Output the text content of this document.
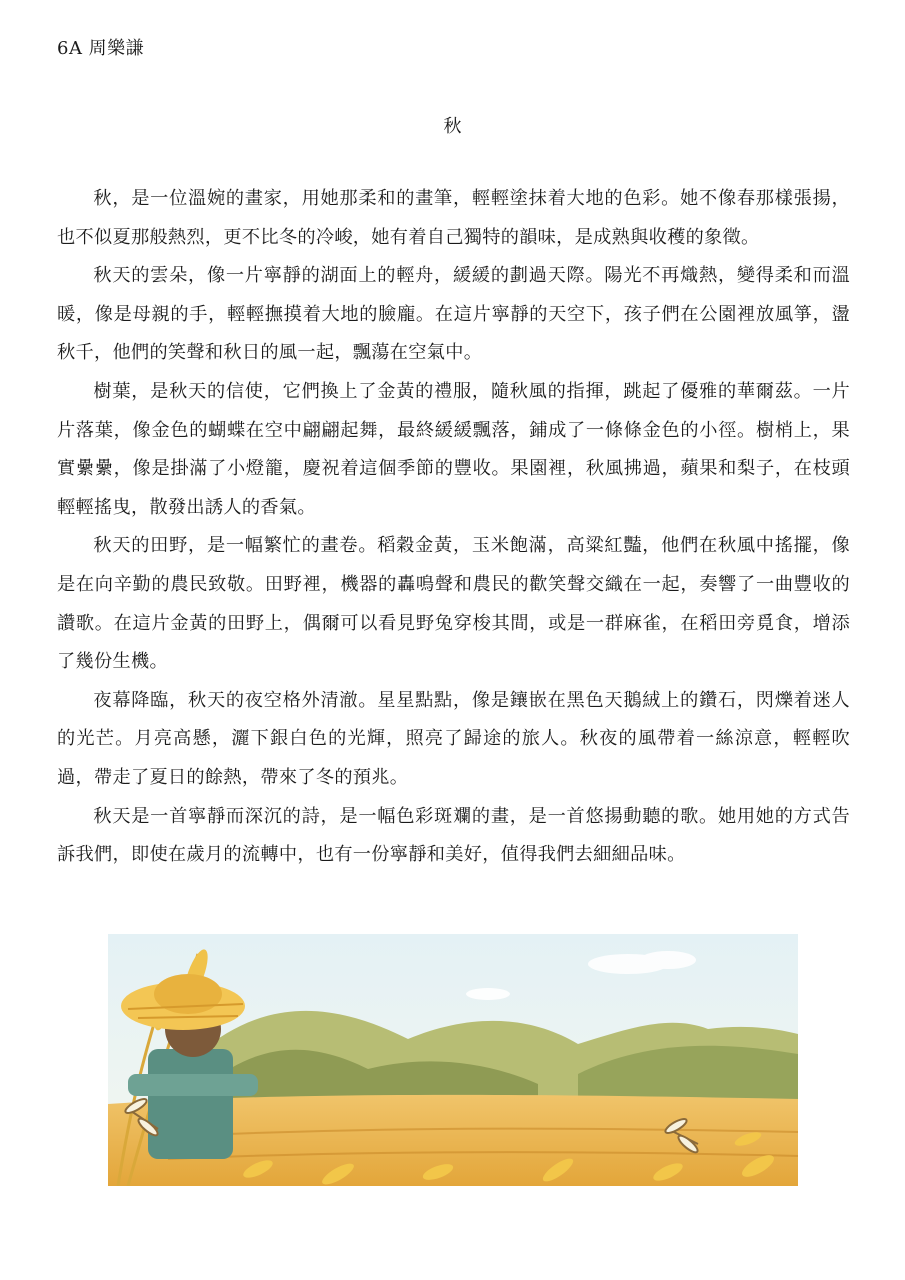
6A 周樂謙
秋

秋，是一位溫婉的畫家，用她那柔和的畫筆，輕輕塗抹着大地的色彩。她不像春那樣張揚，也不似夏那般熱烈，更不比冬的冷峻，她有着自己獨特的韻味，是成熟與收穫的象徵。

秋天的雲朵，像一片寧靜的湖面上的輕舟，緩緩的劃過天際。陽光不再熾熱，變得柔和而溫暖，像是母親的手，輕輕撫摸着大地的臉龐。在這片寧靜的天空下，孩子們在公園裡放風箏，盪秋千，他們的笑聲和秋日的風一起，飄蕩在空氣中。

樹葉，是秋天的信使，它們換上了金黃的禮服，隨秋風的指揮，跳起了優雅的華爾茲。一片片落葉，像金色的蝴蝶在空中翩翩起舞，最終緩緩飄落，鋪成了一條條金色的小徑。樹梢上，果實纍纍，像是掛滿了小燈籠，慶祝着這個季節的豐收。果園裡，秋風拂過，蘋果和梨子，在枝頭輕輕搖曳，散發出誘人的香氣。

秋天的田野，是一幅繁忙的畫卷。稻穀金黃，玉米飽滿，高粱紅豔，他們在秋風中搖擺，像是在向辛勤的農民致敬。田野裡，機器的轟鳴聲和農民的歡笑聲交織在一起，奏響了一曲豐收的讚歌。在這片金黃的田野上，偶爾可以看見野兔穿梭其間，或是一群麻雀，在稻田旁覓食，增添了幾份生機。

夜幕降臨，秋天的夜空格外清澈。星星點點，像是鑲嵌在黑色天鵝絨上的鑽石，閃爍着迷人的光芒。月亮高懸，灑下銀白色的光輝，照亮了歸途的旅人。秋夜的風帶着一絲涼意，輕輕吹過，帶走了夏日的餘熱，帶來了冬的預兆。

秋天是一首寧靜而深沉的詩，是一幅色彩斑斕的畫，是一首悠揚動聽的歌。她用她的方式告訴我們，即使在歲月的流轉中，也有一份寧靜和美好，值得我們去細細品味。
